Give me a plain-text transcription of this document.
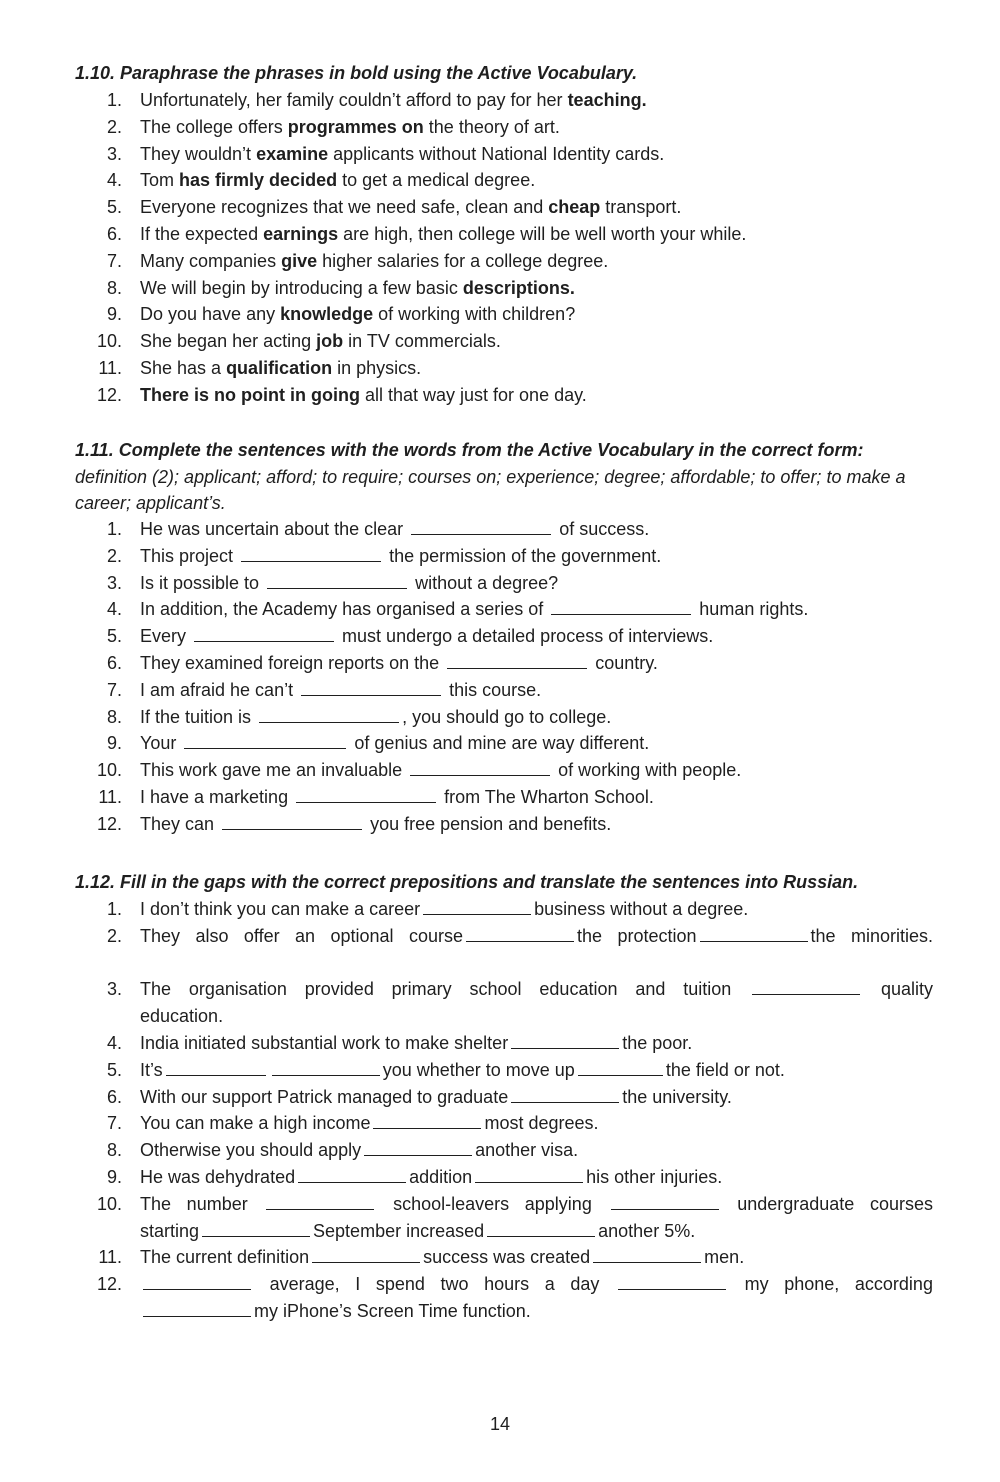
1.10. Paraphrase the phrases in bold using the Active Vocabulary.

1. Unfortunately, her family couldn’t afford to pay for her teaching.
2. The college offers programmes on the theory of art.
3. They wouldn’t examine applicants without National Identity cards.
4. Tom has firmly decided to get a medical degree.
5. Everyone recognizes that we need safe, clean and cheap transport.
6. If the expected earnings are high, then college will be well worth your while.
7. Many companies give higher salaries for a college degree.
8. We will begin by introducing a few basic descriptions.
9. Do you have any knowledge of working with children?
10. She began her acting job in TV commercials.
11. She has a qualification in physics.
12. There is no point in going all that way just for one day.

1.11. Complete the sentences with the words from the Active Vocabulary in the correct form:

definition (2); applicant; afford; to require; courses on; experience; degree; affordable; to offer; to make a career; applicant’s.

1. He was uncertain about the clear	of success.
2. This project	the permission of the government.
3. Is it possible to	without a degree?
4. In addition, the Academy has organised a series of	human rights.
5. Every	must undergo a detailed process of interviews.
6. They examined foreign reports on the	country.
7. I am afraid he can’t	this course.
8. If the tuition is	, you should go to college.
9. Your	of genius and mine are way different.
10. This work gave me an invaluable	of working with people.
11. I have a marketing	from The Wharton School.
12. They can	you free pension and benefits.

1.12. Fill in the gaps with the correct prepositions and translate the sentences into Russian.

1. I don’t think you can make a career	business without a degree.
2. They also offer an optional course	the protection	the minorities.
3. The organisation provided primary school education and tuition	quality
education.
4. India initiated substantial work to make shelter	the poor.
5. It’s	you whether to move up	the field or not.
6. With our support Patrick managed to graduate	the university.
7. You can make a high income	most degrees.
8. Otherwise you should apply	another visa.
9. He was dehydrated	addition	his other injuries.
10. The number	school-leavers applying	undergraduate courses
starting	September increased	another 5%.
11. The current definition	success was created	men.
12.	average, I spend two hours a day	my phone, according
my iPhone’s Screen Time function.
14
